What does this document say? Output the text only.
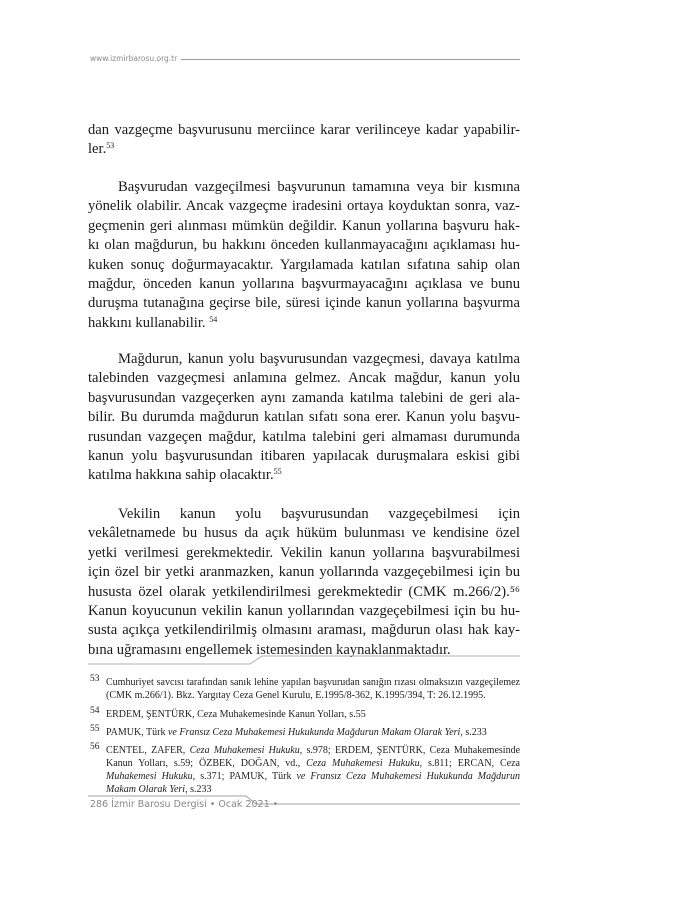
www.izmirbarosu.org.tr
dan vazgeçme başvurusunu merciince karar verilinceye kadar yapabilir-
ler.$^{53}$
Başvurudan vazgeçilmesi başvurunun tamamına veya bir kısmına
yönelik olabilir. Ancak vazgeçme iradesini ortaya koyduktan sonra, vaz-
geçmenin geri alınması mümkün değildir. Kanun yollarına başvuru hak-
kı olan mağdurun, bu hakkını önceden kullanmayacağını açıklaması hu-
kuken sonuç doğurmayacaktır. Yargılamada katılan sıfatına sahip olan
mağdur, önceden kanun yollarına başvurmayacağını açıklasa ve bunu
duruşma tutanağına geçirse bile, süresi içinde kanun yollarına başvurma
hakkını kullanabilir. $^{54}$
Mağdurun, kanun yolu başvurusundan vazgeçmesi, davaya katılma
talebinden vazgeçmesi anlamına gelmez. Ancak mağdur, kanun yolu
başvurusundan vazgeçerken aynı zamanda katılma talebini de geri ala-
bilir. Bu durumda mağdurun katılan sıfatı sona erer. Kanun yolu başvu-
rusundan vazgeçen mağdur, katılma talebini geri almaması durumunda
kanun yolu başvurusundan itibaren yapılacak duruşmalara eskisi gibi
katılma hakkına sahip olacaktır.$^{55}$
Vekilin kanun yolu başvurusundan vazgeçebilmesi için
vekâletnamede bu husus da açık hüküm bulunması ve kendisine özel
yetki verilmesi gerekmektedir. Vekilin kanun yollarına başvurabilmesi
için özel bir yetki aranmazken, kanun yollarında vazgeçebilmesi için bu
hususta özel olarak yetkilendirilmesi gerekmektedir (CMK m.266/2).⁵⁶
Kanun koyucunun vekilin kanun yollarından vazgeçebilmesi için bu hu-
susta açıkça yetkilendirilmiş olmasını araması, mağdurun olası hak kay-
bına uğramasını engellemek istemesinden kaynaklanmaktadır.
53 Cumhuriyet savcısı tarafından sanık lehine yapılan başvurudan sanığın rızası olmaksızın vazgeçilemez (CMK m.266/1). Bkz. Yargıtay Ceza Genel Kurulu, E.1995/8-362, K.1995/394, T: 26.12.1995.
54 ERDEM, ŞENTÜRK, Ceza Muhakemesinde Kanun Yolları, s.55
55 PAMUK, Türk ve Fransız Ceza Muhakemesi Hukukunda Mağdurun Makam Olarak Yeri, s.233
56 CENTEL, ZAFER, Ceza Muhakemesi Hukuku, s.978; ERDEM, ŞENTÜRK, Ceza Muhakemesinde Kanun Yolları, s.59; ÖZBEK, DOĞAN, vd., Ceza Muhakemesi Hukuku, s.811; ERCAN, Ceza Muhakemesi Hukuku, s.371; PAMUK, Türk ve Fransız Ceza Muhakemesi Hukukunda Mağdurun Makam Olarak Yeri, s.233
286 İzmir Barosu Dergisi • Ocak 2021 •
